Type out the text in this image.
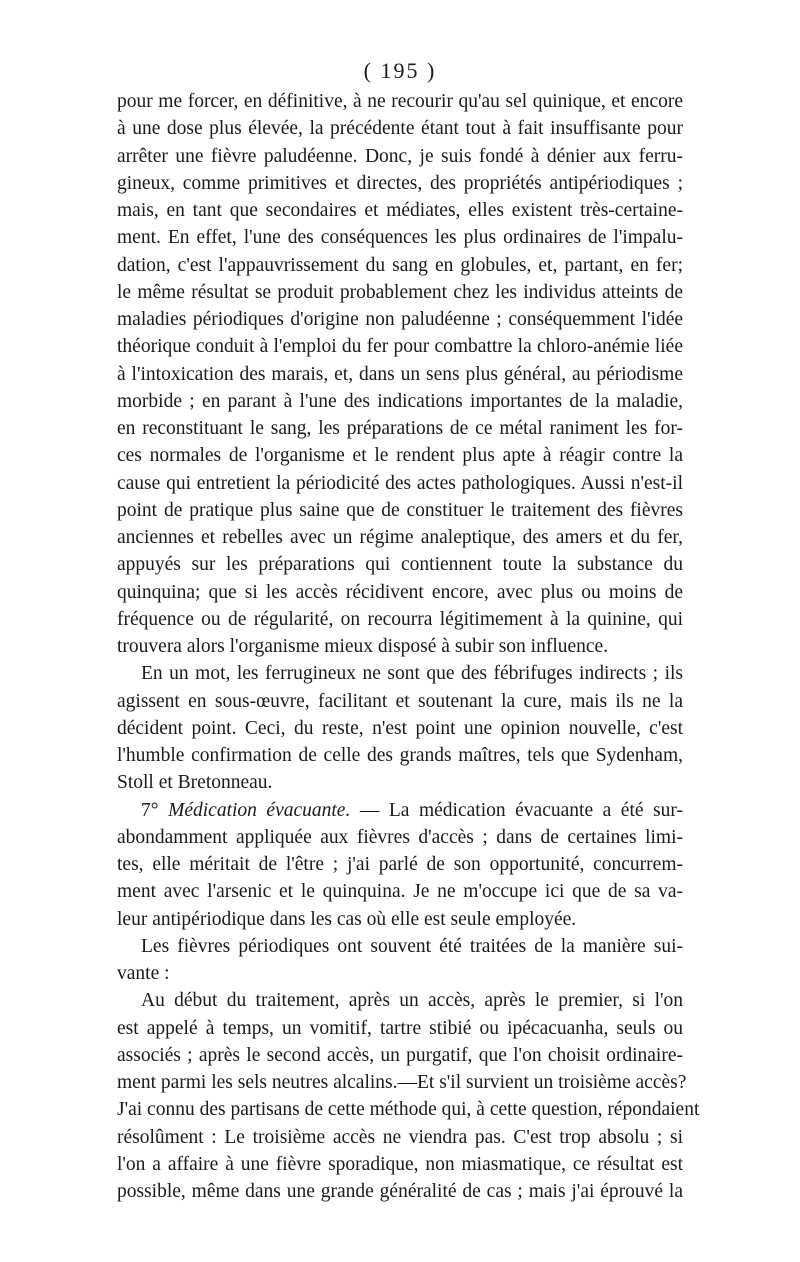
( 195 )
pour me forcer, en définitive, à ne recourir qu'au sel quinique, et encore
à une dose plus élevée, la précédente étant tout à fait insuffisante pour
arrêter une fièvre paludéenne. Donc, je suis fondé à dénier aux ferru-
gineux, comme primitives et directes, des propriétés antipériodiques ;
mais, en tant que secondaires et médiates, elles existent très-certaine-
ment. En effet, l'une des conséquences les plus ordinaires de l'impalu-
dation, c'est l'appauvrissement du sang en globules, et, partant, en fer;
le même résultat se produit probablement chez les individus atteints de
maladies périodiques d'origine non paludéenne ; conséquemment l'idée
théorique conduit à l'emploi du fer pour combattre la chloro-anémie liée
à l'intoxication des marais, et, dans un sens plus général, au périodisme
morbide ; en parant à l'une des indications importantes de la maladie,
en reconstituant le sang, les préparations de ce métal raniment les for-
ces normales de l'organisme et le rendent plus apte à réagir contre la
cause qui entretient la périodicité des actes pathologiques. Aussi n'est-il
point de pratique plus saine que de constituer le traitement des fièvres
anciennes et rebelles avec un régime analeptique, des amers et du fer,
appuyés sur les préparations qui contiennent toute la substance du
quinquina; que si les accès récidivent encore, avec plus ou moins de
fréquence ou de régularité, on recourra légitimement à la quinine, qui
trouvera alors l'organisme mieux disposé à subir son influence.
En un mot, les ferrugineux ne sont que des fébrifuges indirects ; ils
agissent en sous-œuvre, facilitant et soutenant la cure, mais ils ne la
décident point. Ceci, du reste, n'est point une opinion nouvelle, c'est
l'humble confirmation de celle des grands maîtres, tels que Sydenham,
Stoll et Bretonneau.
7° Médication évacuante. — La médication évacuante a été sur-
abondamment appliquée aux fièvres d'accès ; dans de certaines limi-
tes, elle méritait de l'être ; j'ai parlé de son opportunité, concurrem-
ment avec l'arsenic et le quinquina. Je ne m'occupe ici que de sa va-
leur antipériodique dans les cas où elle est seule employée.
Les fièvres périodiques ont souvent été traitées de la manière sui-
vante :
Au début du traitement, après un accès, après le premier, si l'on
est appelé à temps, un vomitif, tartre stibié ou ipécacuanha, seuls ou
associés ; après le second accès, un purgatif, que l'on choisit ordinaire-
ment parmi les sels neutres alcalins.—Et s'il survient un troisième accès?
J'ai connu des partisans de cette méthode qui, à cette question, répondaient
résolûment : Le troisième accès ne viendra pas. C'est trop absolu ; si
l'on a affaire à une fièvre sporadique, non miasmatique, ce résultat est
possible, même dans une grande généralité de cas ; mais j'ai éprouvé la
